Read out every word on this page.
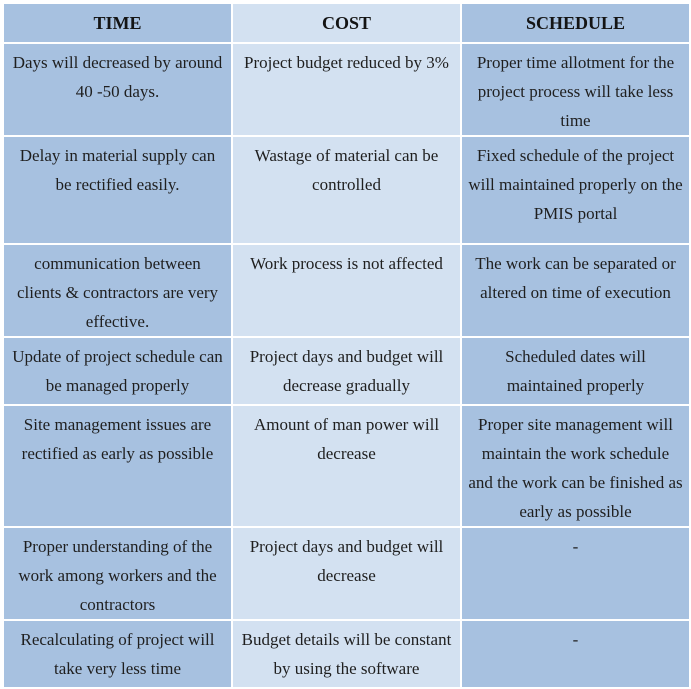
TIME	COST	SCHEDULE
Days will decreased by around 40 -50 days.	Project budget reduced by 3%	Proper time allotment for the project process will take less time
Delay in material supply can be rectified easily.	Wastage of material can be controlled	Fixed schedule of the project will maintained properly on the PMIS portal
communication between clients & contractors are very effective.	Work process is not affected	The work can be separated or altered on time of execution
Update of project schedule can be managed properly	Project days and budget will decrease gradually	Scheduled dates will maintained properly
Site management issues are rectified as early as possible	Amount of man power will decrease	Proper site management will maintain the work schedule and the work can be finished as early as possible
Proper understanding of the work among workers and the contractors	Project days and budget will decrease	-
Recalculating of project will take very less time	Budget details will be constant by using the software	-
